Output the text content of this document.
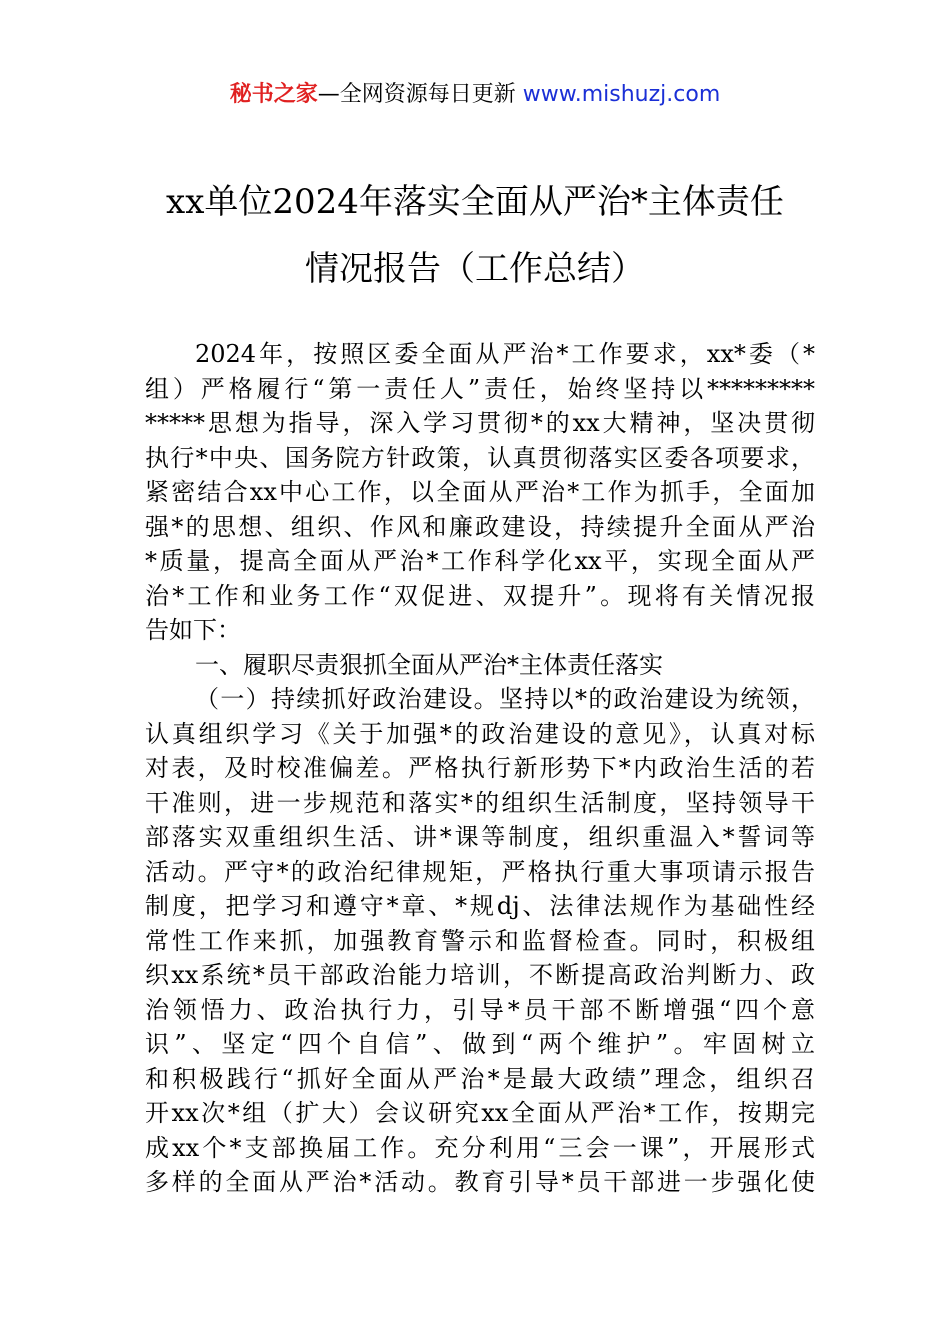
秘书之家—全网资源每日更新 www.mishuzj.com
xx单位2024年落实全面从严治*主体责任
情况报告（工作总结）
2024年，按照区委全面从严治*工作要求，xx*委（*
组）严格履行“第一责任人”责任，始终坚持以*********
*****思想为指导，深入学习贯彻*的xx大精神，坚决贯彻
执行*中央、国务院方针政策，认真贯彻落实区委各项要求，
紧密结合xx中心工作，以全面从严治*工作为抓手，全面加
强*的思想、组织、作风和廉政建设，持续提升全面从严治
*质量，提高全面从严治*工作科学化xx平，实现全面从严
治*工作和业务工作“双促进、双提升”。现将有关情况报
告如下：
一、履职尽责狠抓全面从严治*主体责任落实
（一）持续抓好政治建设。坚持以*的政治建设为统领，
认真组织学习《关于加强*的政治建设的意见》，认真对标
对表，及时校准偏差。严格执行新形势下*内政治生活的若
干准则，进一步规范和落实*的组织生活制度，坚持领导干
部落实双重组织生活、讲*课等制度，组织重温入*誓词等
活动。严守*的政治纪律规矩，严格执行重大事项请示报告
制度，把学习和遵守*章、*规dj、法律法规作为基础性经
常性工作来抓，加强教育警示和监督检查。同时，积极组
织xx系统*员干部政治能力培训，不断提高政治判断力、政
治领悟力、政治执行力，引导*员干部不断增强“四个意
识”、坚定“四个自信”、做到“两个维护”。牢固树立
和积极践行“抓好全面从严治*是最大政绩”理念，组织召
开xx次*组（扩大）会议研究xx全面从严治*工作，按期完
成xx个*支部换届工作。充分利用“三会一课”，开展形式
多样的全面从严治*活动。教育引导*员干部进一步强化使
